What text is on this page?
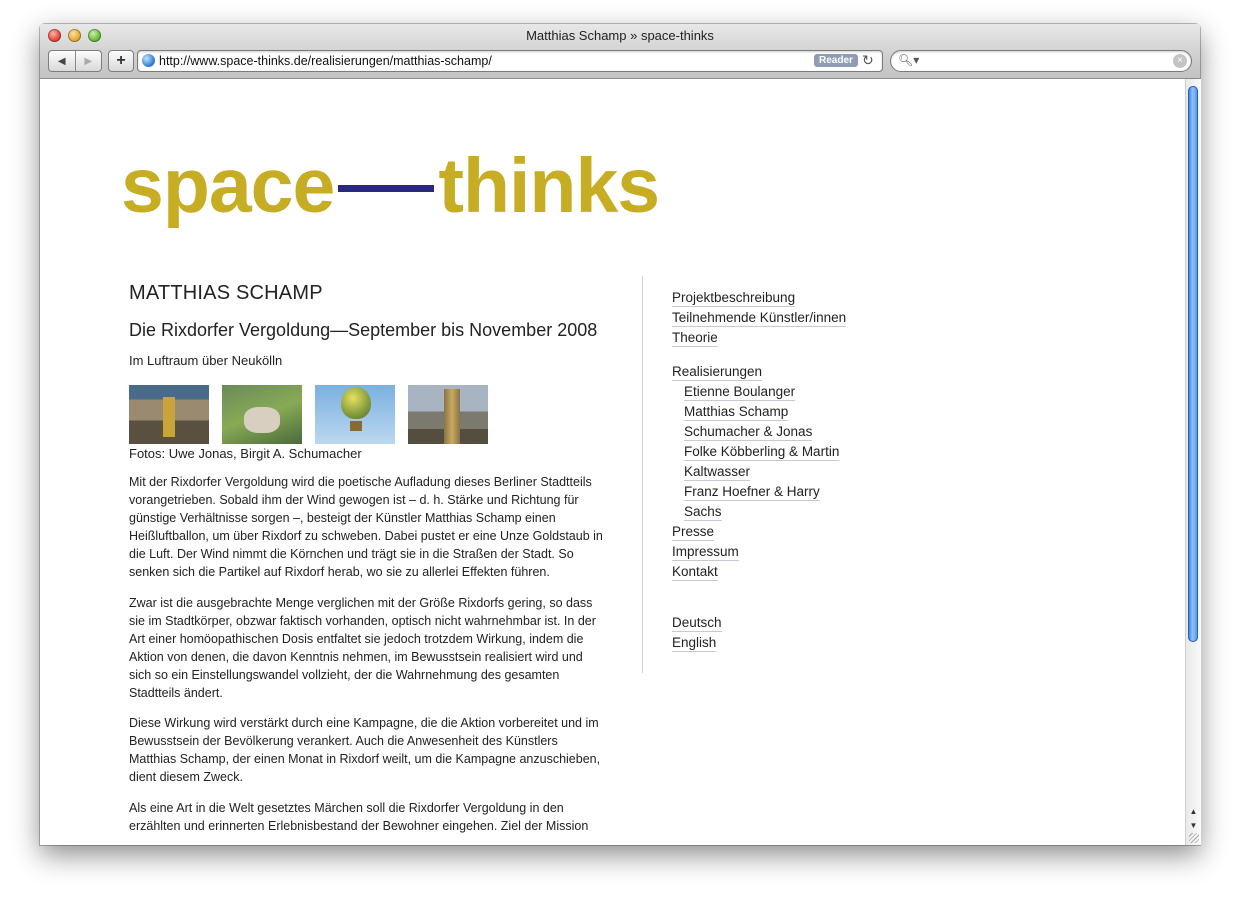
Matthias Schamp » space-thinks
◀ ▶	+	http://www.space-thinks.de/realisierungen/matthias-schamp/	Reader ↻ 🔍︎▾	×
space thinks
MATTHIAS SCHAMP
Die Rixdorfer Vergoldung—September bis November 2008
Im Luftraum über Neukölln
Fotos: Uwe Jonas, Birgit A. Schumacher

Mit der Rixdorfer Vergoldung wird die poetische Aufladung dieses Berliner Stadtteils vorangetrieben. Sobald ihm der Wind gewogen ist – d. h. Stärke und Richtung für günstige Verhältnisse sorgen –, besteigt der Künstler Matthias Schamp einen Heißluftballon, um über Rixdorf zu schweben. Dabei pustet er eine Unze Goldstaub in die Luft. Der Wind nimmt die Körnchen und trägt sie in die Straßen der Stadt. So senken sich die Partikel auf Rixdorf herab, wo sie zu allerlei Effekten führen.

Zwar ist die ausgebrachte Menge verglichen mit der Größe Rixdorfs gering, so dass sie im Stadtkörper, obzwar faktisch vorhanden, optisch nicht wahrnehmbar ist. In der Art einer homöopathischen Dosis entfaltet sie jedoch trotzdem Wirkung, indem die Aktion von denen, die davon Kenntnis nehmen, im Bewusstsein realisiert wird und sich so ein Einstellungswandel vollzieht, der die Wahrnehmung des gesamten Stadtteils ändert.

Diese Wirkung wird verstärkt durch eine Kampagne, die die Aktion vorbereitet und im Bewusstsein der Bevölkerung verankert. Auch die Anwesenheit des Künstlers Matthias Schamp, der einen Monat in Rixdorf weilt, um die Kampagne anzuschieben, dient diesem Zweck.

Als eine Art in die Welt gesetztes Märchen soll die Rixdorfer Vergoldung in den erzählten und erinnerten Erlebnisbestand der Bewohner eingehen. Ziel der Mission

Projektbeschreibung
Teilnehmende Künstler/innen
Theorie
Realisierungen
Etienne Boulanger
Matthias Schamp
Schumacher & Jonas
Folke Köbberling & Martin
Kaltwasser
Franz Hoefner & Harry
Sachs
Presse
Impressum
Kontakt
Deutsch
English
▲
▼
